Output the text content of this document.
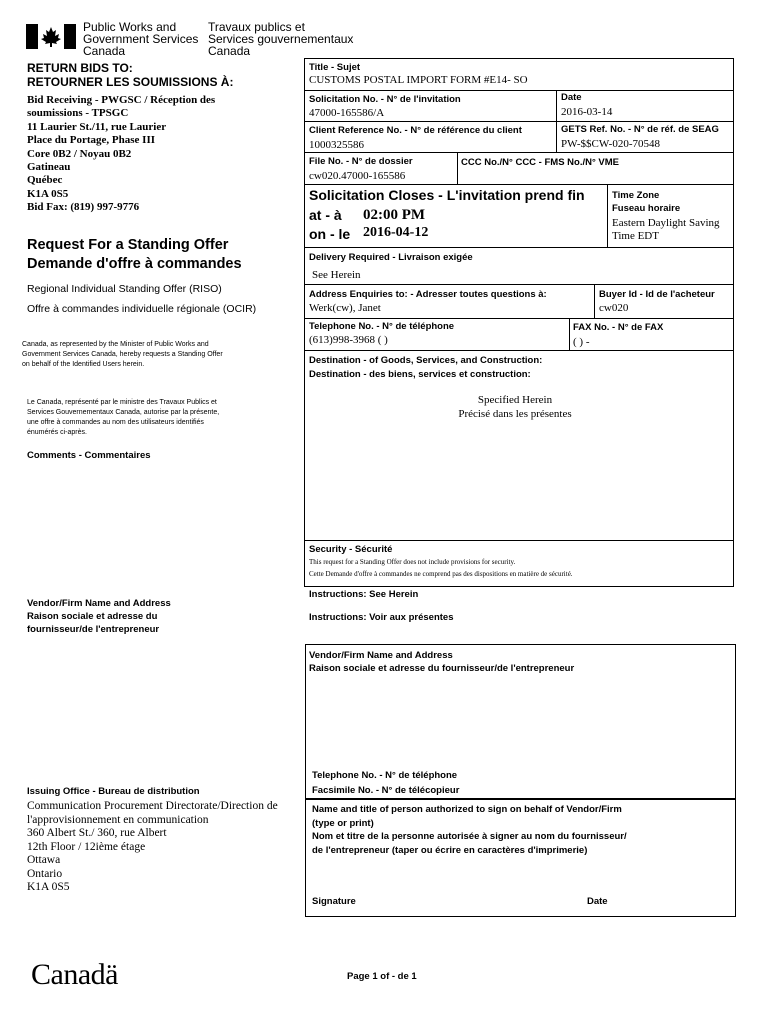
Public Works and
Government Services
Canada
Travaux publics et
Services gouvernementaux
Canada
RETURN BIDS TO:
RETOURNER LES SOUMISSIONS À:
Bid Receiving - PWGSC / Réception des
soumissions - TPSGC
11 Laurier St./11, rue Laurier
Place du Portage, Phase III
Core 0B2 / Noyau 0B2
Gatineau
Québec
K1A 0S5
Bid Fax: (819) 997-9776
Request For a Standing Offer
Demande d'offre à commandes
Regional Individual Standing Offer (RISO)
Offre à commandes individuelle régionale (OCIR)
Canada, as represented by the Minister of Public Works and
Government Services Canada, hereby requests a Standing Offer
on behalf of the Identified Users herein.
Le Canada, représenté par le ministre des Travaux Publics et
Services Gouvernementaux Canada, autorise par la présente,
une offre à commandes au nom des utilisateurs identifiés
énumérés ci-après.
Comments - Commentaires
Vendor/Firm Name and Address
Raison sociale et adresse du
fournisseur/de l'entrepreneur
Issuing Office - Bureau de distribution
Communication Procurement Directorate/Direction de
l'approvisionnement en communication
360 Albert St./ 360, rue Albert
12th Floor / 12ième étage
Ottawa
Ontario
K1A 0S5
Title - Sujet
CUSTOMS POSTAL IMPORT FORM #E14- SO
Solicitation No. - N° de l'invitation
47000-165586/A
Date
2016-03-14
Client Reference No. - N° de référence du client
1000325586
GETS Ref. No. - N° de réf. de SEAG
PW-$$CW-020-70548
File No. - N° de dossier
cw020.47000-165586
CCC No./N° CCC - FMS No./N° VME
Solicitation Closes - L'invitation prend fin
at - à 02:00 PM
on - le 2016-04-12
Time Zone
Fuseau horaire
Eastern Daylight Saving
Time EDT
Delivery Required - Livraison exigée
See Herein
Address Enquiries to: - Adresser toutes questions à:
Werk(cw), Janet
Buyer Id - Id de l'acheteur
cw020
Telephone No. - N° de téléphone
(613)998-3968 ( )
FAX No. - N° de FAX
( ) -
Destination - of Goods, Services, and Construction:
Destination - des biens, services et construction:
Specified Herein
Précisé dans les présentes
Security - Sécurité
This request for a Standing Offer does not include provisions for security.
Cette Demande d'offre à commandes ne comprend pas des dispositions en matière de sécurité.
Instructions: See Herein
Instructions: Voir aux présentes
Vendor/Firm Name and Address
Raison sociale et adresse du fournisseur/de l'entrepreneur
Telephone No. - N° de téléphone
Facsimile No. - N° de télécopieur
Name and title of person authorized to sign on behalf of Vendor/Firm
(type or print)
Nom et titre de la personne autorisée à signer au nom du fournisseur/
de l'entrepreneur (taper ou écrire en caractères d'imprimerie)
Signature	Date
Canadä	Page 1 of - de 1
